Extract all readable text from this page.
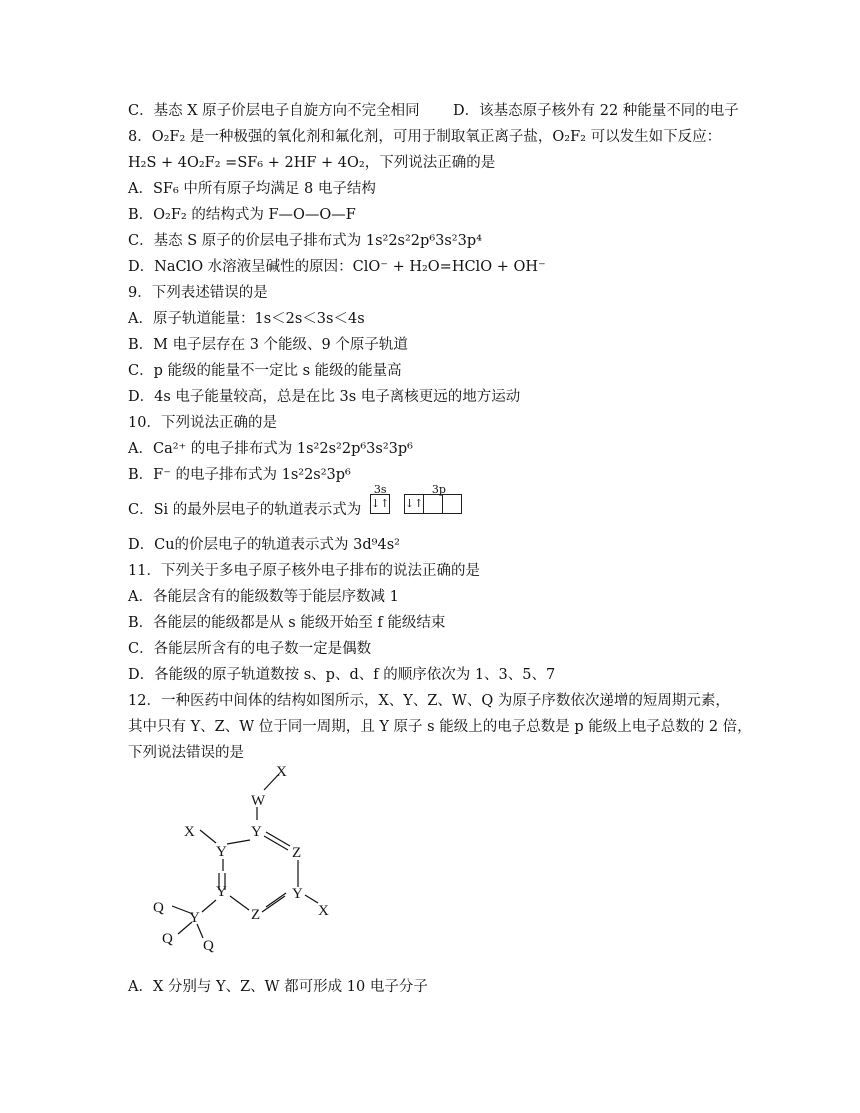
C．基态 X 原子价层电子自旋方向不完全相同 D．该基态原子核外有 22 种能量不同的电子
8．O₂F₂ 是一种极强的氧化剂和氟化剂，可用于制取氧正离子盐，O₂F₂ 可以发生如下反应：
H₂S + 4O₂F₂ =SF₆ + 2HF + 4O₂，下列说法正确的是
A．SF₆ 中所有原子均满足 8 电子结构
B．O₂F₂ 的结构式为 F—O—O—F
C．基态 S 原子的价层电子排布式为 1s²2s²2p⁶3s²3p⁴
D．NaClO 水溶液呈碱性的原因：ClO⁻ + H₂O=HClO + OH⁻
9．下列表述错误的是
A．原子轨道能量：1s＜2s＜3s＜4s
B．M 电子层存在 3 个能级、9 个原子轨道
C．p 能级的能量不一定比 s 能级的能量高
D．4s 电子能量较高，总是在比 3s 电子离核更远的地方运动
10．下列说法正确的是
A．Ca²⁺ 的电子排布式为 1s²2s²2p⁶3s²3p⁶
B．F⁻ 的电子排布式为 1s²2s²3p⁶
C．Si 的最外层电子的轨道表示式为
3s	3p
↓↑ ↓↑
D．Cu的价层电子的轨道表示式为 3d⁹4s²
11．下列关于多电子原子核外电子排布的说法正确的是
A．各能层含有的能级数等于能层序数减 1
B．各能层的能级都是从 s 能级开始至 f 能级结束
C．各能层所含有的电子数一定是偶数
D．各能级的原子轨道数按 s、p、d、f 的顺序依次为 1、3、5、7
12．一种医药中间体的结构如图所示，X、Y、Z、W、Q 为原子序数依次递增的短周期元素，
其中只有 Y、Z、W 位于同一周期，且 Y 原子 s 能级上的电子总数是 p 能级上电子总数的 2 倍，
下列说法错误的是
X
W
Y
Z
Y
Z
Y
Y
X
X
Y
Q
Q Q
A．X 分别与 Y、Z、W 都可形成 10 电子分子
